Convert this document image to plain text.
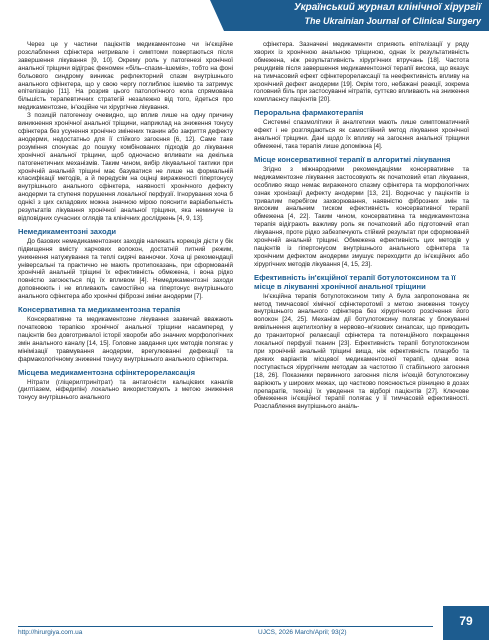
Український журнал клінічної хірургії
The Ukrainian Journal of Clinical Surgery

Через це у частини пацієнтів медикаментозне чи ін'єкційне розслаблення сфінктера нетривале і симптоми повертаються після завершення лікування [9, 10]. Окрему роль у патогенезі хронічної анальної тріщини відіграє феномен «біль–спазм–ішемія», тобто на фоні больового синдрому виникає рефлекторний спазм внутрішнього анального сфінктера, що у свою чергу поглиблює ішемію та затримує епітелізацію [11]. На розрив цього патологічного кола спрямована більшість терапевтичних стратегій незалежно від того, йдеться про медикаментозне, ін'єкційне чи хірургічне лікування.

З позицій патогенезу очевидно, що вплив лише на одну причину виникнення хронічної анальної тріщини, наприклад на зниження тонусу сфінктера без усунення хронічно змінених тканин або закриття дефекту анодерми, недостатньо для її стійкого загоєння [6, 12]. Саме таке розуміння спонукає до пошуку комбінованих підходів до лікування хронічної анальної тріщини, щоб одночасно впливати на декілька патогенетичних механізмів. Таким чином, вибір лікувальної тактики при хронічній анальній тріщині має базуватися не лише на формальній класифікації методів, а й передусім на оцінці вираженості гіпертонусу внутрішнього анального сфінктера, наявності хронічного дефекту анодерми та ступеня порушення локальної перфузії. Ігнорування хоча б однієї з цих складових можна значною мірою пояснити варіабельність результатів лікування хронічної анальної тріщини, яка неминуче із відповідних сучасних оглядів та клінічних досліджень [4, 9, 13].

Немедикаментозні заходи

До базових немедикаментозних заходів належать корекція дієти у бік підвищення вмісту харчових волокон, достатній питний режим, уникнення натужування та теплі сидячі ванночки. Хоча ці рекомендації універсальні та практично не мають протипоказань, при сформованій хронічній анальній тріщині їх ефективність обмежена, і вона рідко повністю загоюється під їх впливом [4]. Немедикаментозні заходи доповнюють і не впливають самостійно на гіпертонус внутрішнього анального сфінктера або хронічні фіброзні зміни анодерми [7].

Консервативна та медикаментозна терапія

Консервативне та медикаментозне лікування зазвичай вважають початковою терапією хронічної анальної тріщини насамперед у пацієнтів без довготривалої історії хвороби або значних морфологічних змін анального каналу [14, 15]. Головне завдання цих методів полягає у мінімізації травмування анодерми, врегулюванні дефекації та фармакологічному зниженні тонусу внутрішнього анального сфінктера.

Місцева медикаментозна сфінктерорелаксація

Нітрати (гліцерилтринітрат) та антагоністи кальцієвих каналів (дилтіазем, ніфедипін) локально використовують з метою зниження тонусу внутрішнього анального

сфінктера. Зазначені медикаменти сприяють епітелізації у ряду хворих із хронічною анальною тріщиною, однак їх результативність обмежена, ніж результативність хірургічних втручань [18]. Частота рецидивів після завершення медикаментозної терапії висока, що вказує на тимчасовий ефект сфінктерорелаксації та неефективність впливу на хронічний дефект анодерми [19]. Окрім того, небажані реакції, зокрема головний біль при застосуванні нітратів, суттєво впливають на зниження комплаєнсу пацієнтів [20].

Пероральна фармакотерапія

Системні спазмолітики й аналгетики мають лише симптоматичний ефект і не розглядаються як самостійний метод лікування хронічної анальної тріщини. Дані щодо їх впливу на загоєння анальної тріщини обмежені, така терапія лише допоміжна [4].

Місце консервативної терапії в алгоритмі лікування

Згідно з міжнародними рекомендаціями консервативне та медикаментозне лікування застосовують як початковий етап лікування, особливо якщо немає вираженого спазму сфінктера та морфологічних ознак хронізації дефекту анодерми [13, 21]. Водночас у пацієнтів із тривалим перебігом захворювання, наявністю фіброзних змін та високим анальним тиском ефективність консервативної терапії обмежена [4, 22]. Таким чином, консервативна та медикаментозна терапія відіграють важливу роль як початковий або підготовчий етап лікування, проте рідко забезпечують стійкий результат при сформованій хронічній анальній тріщині. Обмежена ефективність цих методів у пацієнтів із гіпертонусом внутрішнього анального сфінктера та хронічним дефектом анодерми змушує переходити до ін'єкційних або хірургічних методів лікування [4, 15, 23].

Ефективність ін'єкційної терапії ботулотоксином та її місце в лікуванні хронічної анальної тріщини

Ін'єкційна терапія ботулотоксином типу А була запропонована як метод тимчасової хімічної сфінктеротомії з метою зниження тонусу внутрішнього анального сфінктера без хірургічного розсічення його волокон [24, 25]. Механізм дії ботулотоксину полягає у блокуванні вивільнення ацетилхоліну в нервово–м'язових синапсах, що приводить до транзиторної релаксації сфінктера та потенційного покращення локальної перфузії тканин [23]. Ефективність терапії ботулотоксином при хронічній анальній тріщині вища, ніж ефективність плацебо та деяких варіантів місцевої медикаментозної терапії, однак вона поступається хірургічним методам за частотою її стабільного загоєння [18, 26]. Показники первинного загоєння після ін'єкцій ботулотоксину варіюють у широких межах, що частково пояснюється різницею в дозах препаратів, техніці їх уведення та відборі пацієнтів [27]. Ключове обмеження ін'єкційної терапії полягає у її тимчасовій ефективності. Розслаблення внутрішнього анаіль-

http://hirurgiya.com.ua	UJCS, 2026 March/April; 93(2)
79
